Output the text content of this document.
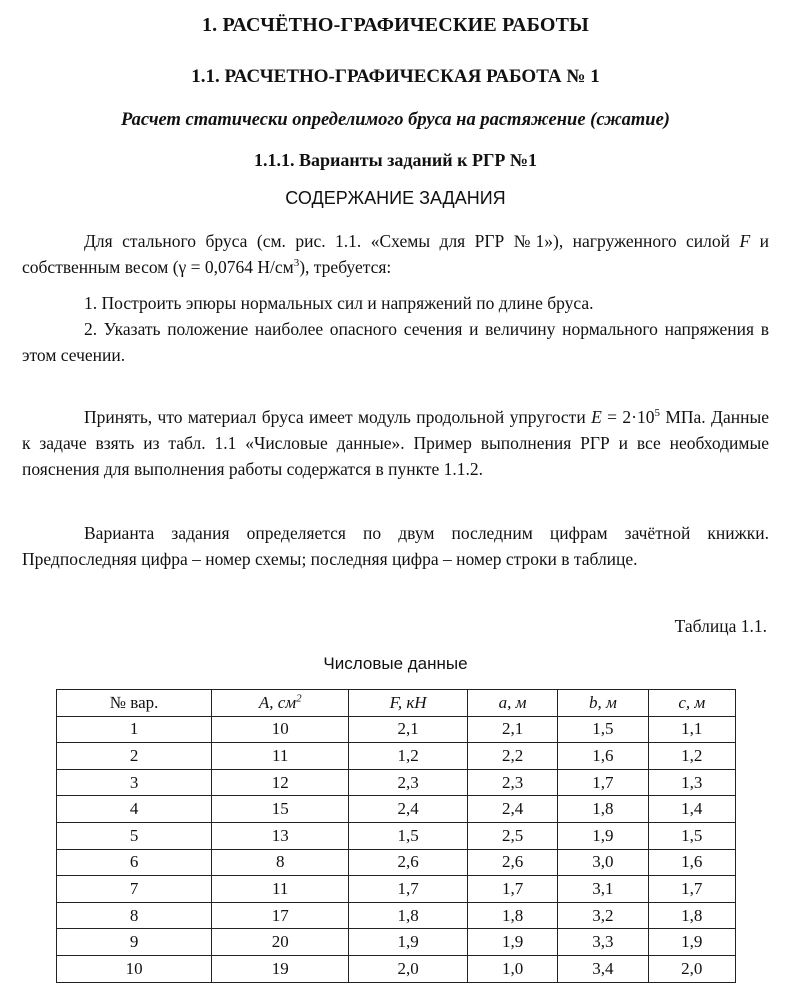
1. РАСЧЁТНО-ГРАФИЧЕСКИЕ РАБОТЫ
1.1. РАСЧЕТНО-ГРАФИЧЕСКАЯ РАБОТА № 1
Расчет статически определимого бруса на растяжение (сжатие)
1.1.1. Варианты заданий к РГР №1
СОДЕРЖАНИЕ ЗАДАНИЯ
Для стального бруса (см. рис. 1.1. «Схемы для РГР №1»), нагруженного силой F и собственным весом (γ = 0,0764 $Н/см^3$), требуется:
1. Построить эпюры нормальных сил и напряжений по длине бруса.
2. Указать положение наиболее опасного сечения и величину нормального напряжения в этом сечении.
Принять, что материал бруса имеет модуль продольной упругости $E = 2\cdot 10^5$ МПа. Данные к задаче взять из табл. 1.1 «Числовые данные». Пример выполнения РГР и все необходимые пояснения для выполнения работы содержатся в пункте 1.1.2.
Варианта задания определяется по двум последним цифрам зачётной книжки. Предпоследняя цифра – номер схемы; последняя цифра – номер строки в таблице.
Таблица 1.1.
Числовые данные
№ вар.	A, $см^2$	F, кН	a, м	b, м	c, м
1	10	2,1	2,1	1,5	1,1
2	11	1,2	2,2	1,6	1,2
3	12	2,3	2,3	1,7	1,3
4	15	2,4	2,4	1,8	1,4
5	13	1,5	2,5	1,9	1,5
6	8	2,6	2,6	3,0	1,6
7	11	1,7	1,7	3,1	1,7
8	17	1,8	1,8	3,2	1,8
9	20	1,9	1,9	3,3	1,9
10	19	2,0	1,0	3,4	2,0
